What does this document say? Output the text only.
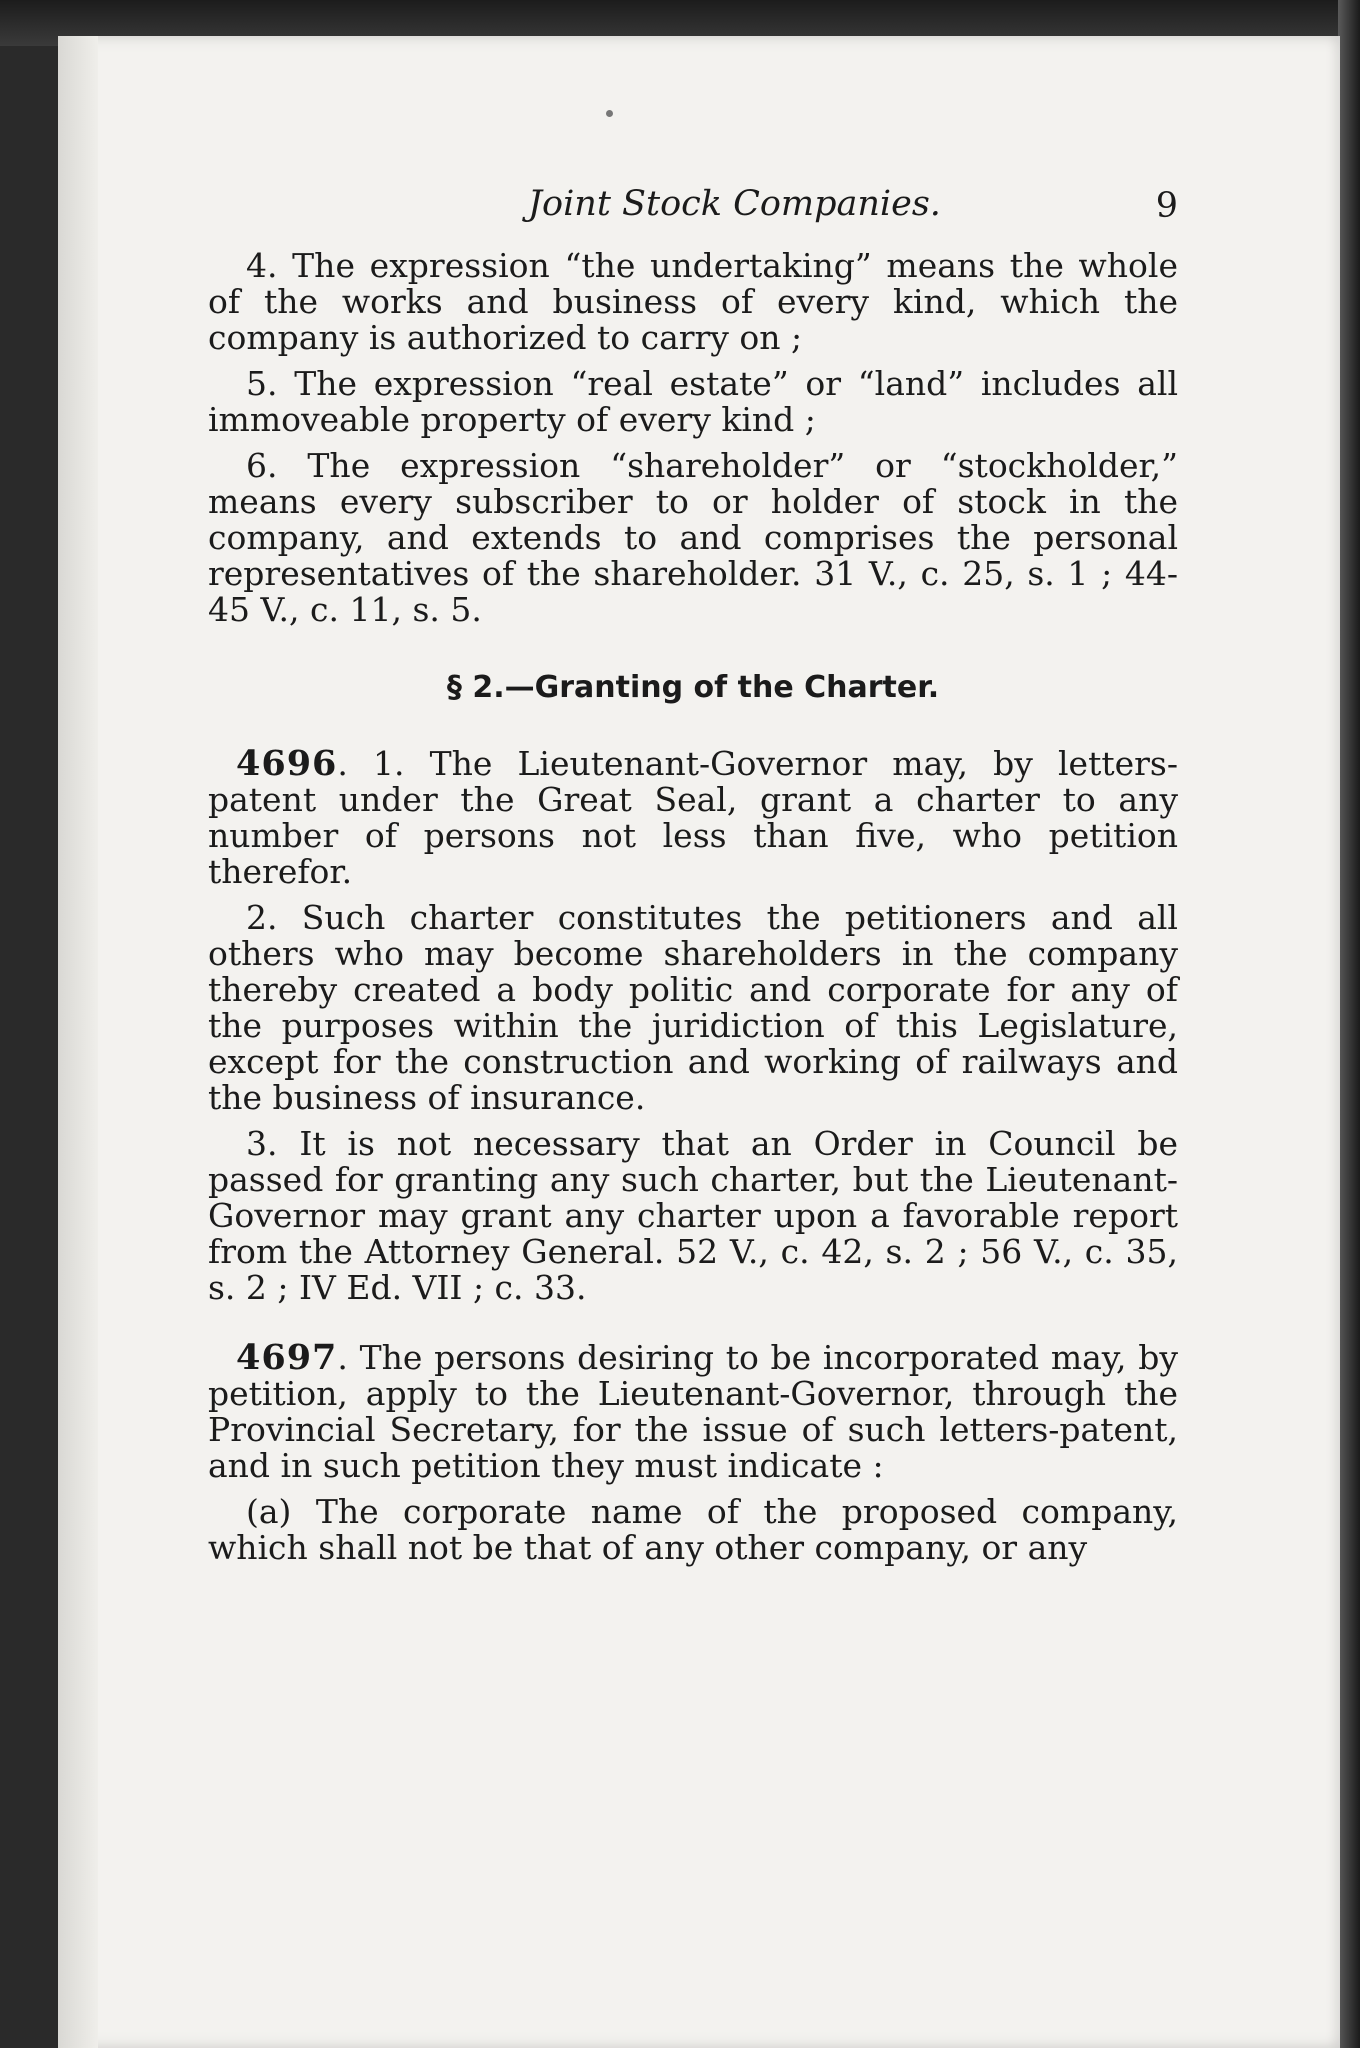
Joint Stock Companies.	9

4. The expression “the undertaking” means the whole of the works and business of every kind, which the company is authorized to carry on ;

5. The expression “real estate” or “land” includes all immoveable property of every kind ;

6. The expression “shareholder” or “stockholder,” means every subscriber to or holder of stock in the company, and extends to and comprises the personal representatives of the shareholder. 31 V., c. 25, s. 1 ; 44-45 V., c. 11, s. 5.

§ 2.—Granting of the Charter.

4696. 1. The Lieutenant-Governor may, by letters-patent under the Great Seal, grant a charter to any number of persons not less than five, who petition therefor.

2. Such charter constitutes the petitioners and all others who may become shareholders in the company thereby created a body politic and corporate for any of the purposes within the juridiction of this Legislature, except for the construction and working of railways and the business of insurance.

3. It is not necessary that an Order in Council be passed for granting any such charter, but the Lieutenant-Governor may grant any charter upon a favorable report from the Attorney General. 52 V., c. 42, s. 2 ; 56 V., c. 35, s. 2 ; IV Ed. VII ; c. 33.

4697. The persons desiring to be incorporated may, by petition, apply to the Lieutenant-Governor, through the Provincial Secretary, for the issue of such letters-patent, and in such petition they must indicate :

(a) The corporate name of the proposed company, which shall not be that of any other company, or any
